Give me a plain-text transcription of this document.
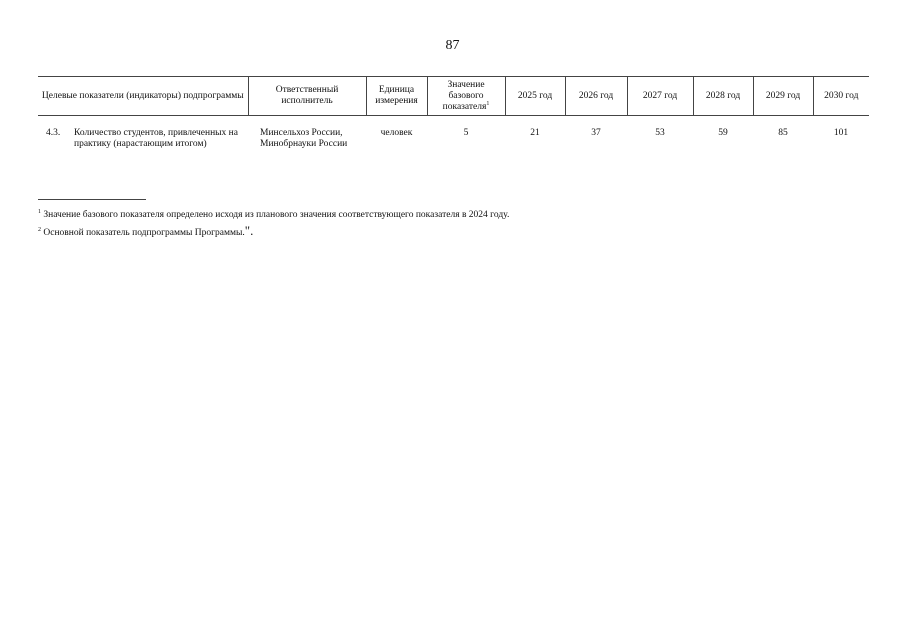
87
Целевые показатели (индикаторы) подпрограммы		Ответственный исполнитель	Единица измерения	Значение базового показателя$^1$	2025 год	2026 год	2027 год	2028 год	2029 год	2030 год
4.3.	Количество студентов, привлеченных на практику (нарастающим итогом)	Минсельхоз России, Минобрнауки России	человек	5	21	37	53	59	85	101

$^1$ Значение базового показателя определено исходя из планового значения соответствующего показателя в 2024 году.

$^2$ Основной показатель подпрограммы Программы.".
